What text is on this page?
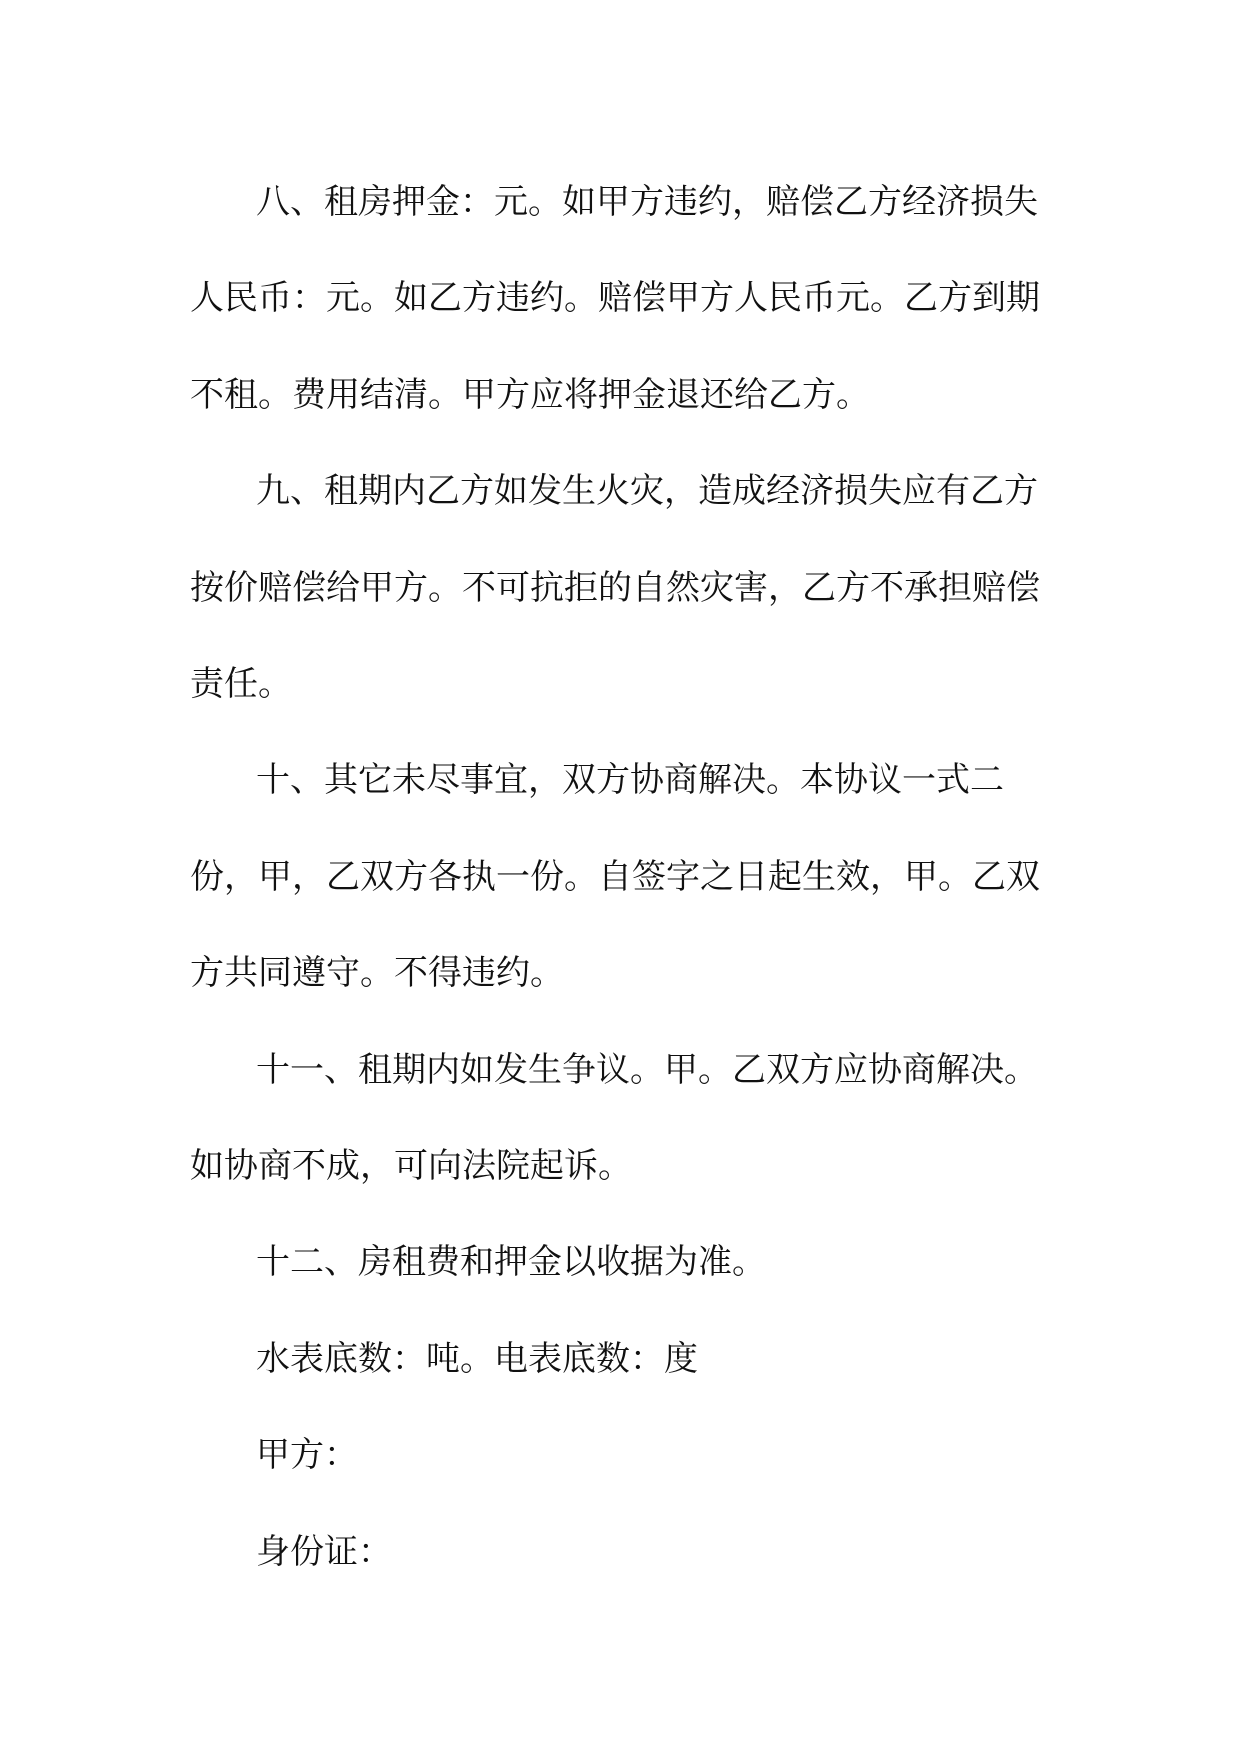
八、租房押金：元。如甲方违约，赔偿乙方经济损失
人民币：元。如乙方违约。赔偿甲方人民币元。乙方到期
不租。费用结清。甲方应将押金退还给乙方。
九、租期内乙方如发生火灾，造成经济损失应有乙方
按价赔偿给甲方。不可抗拒的自然灾害，乙方不承担赔偿
责任。
十、其它未尽事宜，双方协商解决。本协议一式二
份，甲，乙双方各执一份。自签字之日起生效，甲。乙双
方共同遵守。不得违约。
十一、租期内如发生争议。甲。乙双方应协商解决。
如协商不成，可向法院起诉。
十二、房租费和押金以收据为准。
水表底数：吨。电表底数：度
甲方：
身份证：
